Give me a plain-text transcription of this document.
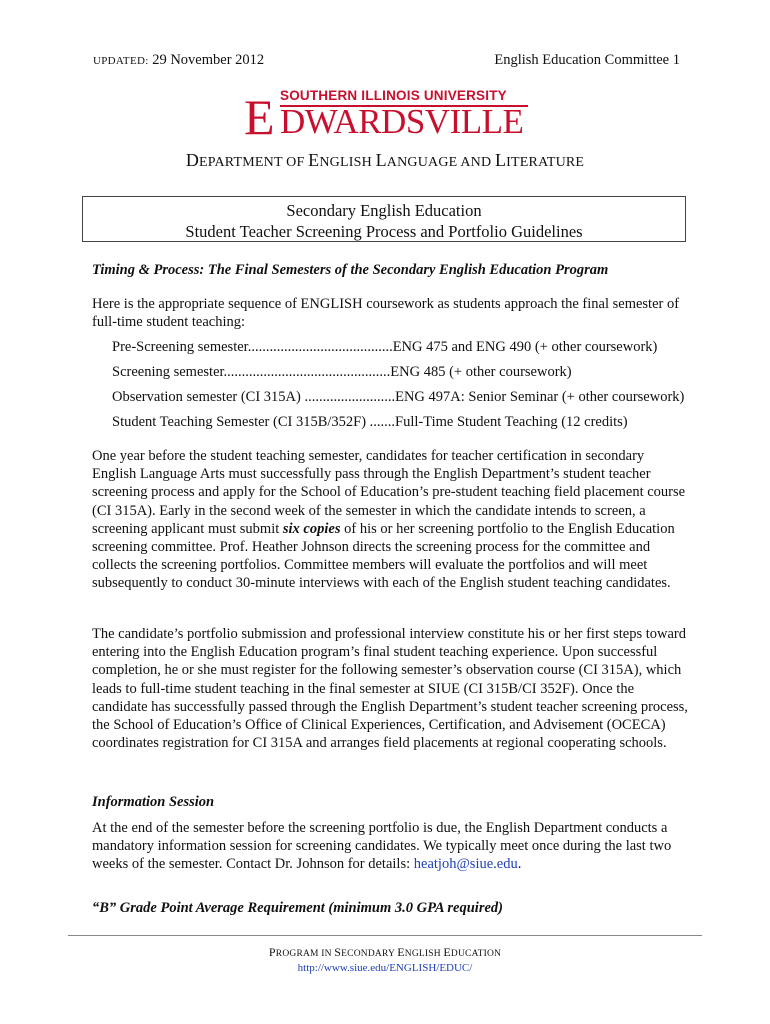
UPDATED: 29 November 2012	English Education Committee 1
E SOUTHERN ILLINOIS UNIVERSITY
DWARDSVILLE
DEPARTMENT OF ENGLISH LANGUAGE AND LITERATURE
Secondary English Education
Student Teacher Screening Process and Portfolio Guidelines
Timing & Process: The Final Semesters of the Secondary English Education Program
Here is the appropriate sequence of ENGLISH coursework as students approach the final semester of full-time student teaching:
Pre-Screening semester........................................ENG 475 and ENG 490 (+ other coursework)
Screening semester..............................................ENG 485 (+ other coursework)
Observation semester (CI 315A) .........................ENG 497A: Senior Seminar (+ other coursework)
Student Teaching Semester (CI 315B/352F) .......Full-Time Student Teaching (12 credits)
One year before the student teaching semester, candidates for teacher certification in secondary English Language Arts must successfully pass through the English Department’s student teacher screening process and apply for the School of Education’s pre-student teaching field placement course (CI 315A). Early in the second week of the semester in which the candidate intends to screen, a screening applicant must submit six copies of his or her screening portfolio to the English Education screening committee. Prof. Heather Johnson directs the screening process for the committee and collects the screening portfolios. Committee members will evaluate the portfolios and will meet subsequently to conduct 30-minute interviews with each of the English student teaching candidates.
The candidate’s portfolio submission and professional interview constitute his or her first steps toward entering into the English Education program’s final student teaching experience. Upon successful completion, he or she must register for the following semester’s observation course (CI 315A), which leads to full-time student teaching in the final semester at SIUE (CI 315B/CI 352F). Once the candidate has successfully passed through the English Department’s student teacher screening process, the School of Education’s Office of Clinical Experiences, Certification, and Advisement (OCECA) coordinates registration for CI 315A and arranges field placements at regional cooperating schools.
Information Session
At the end of the semester before the screening portfolio is due, the English Department conducts a mandatory information session for screening candidates. We typically meet once during the last two weeks of the semester. Contact Dr. Johnson for details: heatjoh@siue.edu.
“B” Grade Point Average Requirement (minimum 3.0 GPA required)
PROGRAM IN SECONDARY ENGLISH EDUCATION
http://www.siue.edu/ENGLISH/EDUC/
